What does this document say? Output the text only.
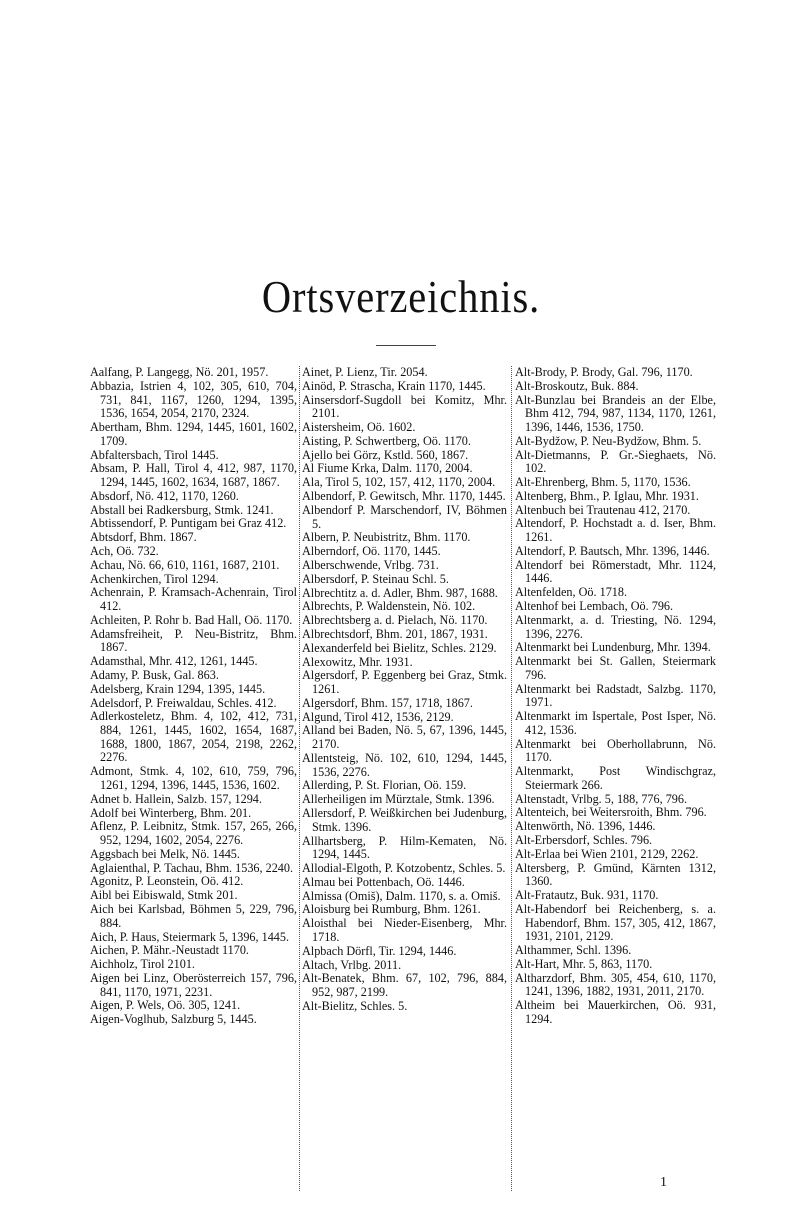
Ortsverzeichnis.

Aalfang, P. Langegg, Nö. 201, 1957.

Abbazia, Istrien 4, 102, 305, 610, 704, 731, 841, 1167, 1260, 1294, 1395, 1536, 1654, 2054, 2170, 2324.

Abertham, Bhm. 1294, 1445, 1601, 1602, 1709.

Abfaltersbach, Tirol 1445.

Absam, P. Hall, Tirol 4, 412, 987, 1170, 1294, 1445, 1602, 1634, 1687, 1867.

Absdorf, Nö. 412, 1170, 1260.

Abstall bei Radkersburg, Stmk. 1241.

Abtissendorf, P. Puntigam bei Graz 412.

Abtsdorf, Bhm. 1867.

Ach, Oö. 732.

Achau, Nö. 66, 610, 1161, 1687, 2101.

Achenkirchen, Tirol 1294.

Achenrain, P. Kramsach-Achenrain, Tirol 412.

Achleiten, P. Rohr b. Bad Hall, Oö. 1170.

Adamsfreiheit, P. Neu-Bistritz, Bhm. 1867.

Adamsthal, Mhr. 412, 1261, 1445.

Adamy, P. Busk, Gal. 863.

Adelsberg, Krain 1294, 1395, 1445.

Adelsdorf, P. Freiwaldau, Schles. 412.

Adlerkosteletz, Bhm. 4, 102, 412, 731, 884, 1261, 1445, 1602, 1654, 1687, 1688, 1800, 1867, 2054, 2198, 2262, 2276.

Admont, Stmk. 4, 102, 610, 759, 796, 1261, 1294, 1396, 1445, 1536, 1602.

Adnet b. Hallein, Salzb. 157, 1294.

Adolf bei Winterberg, Bhm. 201.

Aflenz, P. Leibnitz, Stmk. 157, 265, 266, 952, 1294, 1602, 2054, 2276.

Aggsbach bei Melk, Nö. 1445.

Aglaienthal, P. Tachau, Bhm. 1536, 2240.

Agonitz, P. Leonstein, Oö. 412.

Aibl bei Eibiswald, Stmk 201.

Aich bei Karlsbad, Böhmen 5, 229, 796, 884.

Aich, P. Haus, Steiermark 5, 1396, 1445.

Aichen, P. Mähr.-Neustadt 1170.

Aichholz, Tirol 2101.

Aigen bei Linz, Oberösterreich 157, 796, 841, 1170, 1971, 2231.

Aigen, P. Wels, Oö. 305, 1241.

Aigen-Voglhub, Salzburg 5, 1445.

Ainet, P. Lienz, Tir. 2054.

Ainöd, P. Strascha, Krain 1170, 1445.

Ainsersdorf-Sugdoll bei Komitz, Mhr. 2101.

Aistersheim, Oö. 1602.

Aisting, P. Schwertberg, Oö. 1170.

Ajello bei Görz, Kstld. 560, 1867.

Al Fiume Krka, Dalm. 1170, 2004.

Ala, Tirol 5, 102, 157, 412, 1170, 2004.

Albendorf, P. Gewitsch, Mhr. 1170, 1445.

Albendorf P. Marschendorf, IV, Böhmen 5.

Albern, P. Neubistritz, Bhm. 1170.

Alberndorf, Oö. 1170, 1445.

Alberschwende, Vrlbg. 731.

Albersdorf, P. Steinau Schl. 5.

Albrechtitz a. d. Adler, Bhm. 987, 1688.

Albrechts, P. Waldenstein, Nö. 102.

Albrechtsberg a. d. Pielach, Nö. 1170.

Albrechtsdorf, Bhm. 201, 1867, 1931.

Alexanderfeld bei Bielitz, Schles. 2129.

Alexowitz, Mhr. 1931.

Algersdorf, P. Eggenberg bei Graz, Stmk. 1261.

Algersdorf, Bhm. 157, 1718, 1867.

Algund, Tirol 412, 1536, 2129.

Alland bei Baden, Nö. 5, 67, 1396, 1445, 2170.

Allentsteig, Nö. 102, 610, 1294, 1445, 1536, 2276.

Allerding, P. St. Florian, Oö. 159.

Allerheiligen im Mürztale, Stmk. 1396.

Allersdorf, P. Weißkirchen bei Judenburg, Stmk. 1396.

Allhartsberg, P. Hilm-Kematen, Nö. 1294, 1445.

Allodial-Elgoth, P. Kotzobentz, Schles. 5.

Almau bei Pottenbach, Oö. 1446.

Almissa (Omiš), Dalm. 1170, s. a. Omiš.

Aloisburg bei Rumburg, Bhm. 1261.

Aloisthal bei Nieder-Eisenberg, Mhr. 1718.

Alpbach Dörfl, Tir. 1294, 1446.

Altach, Vrlbg. 2011.

Alt-Benatek, Bhm. 67, 102, 796, 884, 952, 987, 2199.

Alt-Bielitz, Schles. 5.

Alt-Brody, P. Brody, Gal. 796, 1170.

Alt-Broskoutz, Buk. 884.

Alt-Bunzlau bei Brandeis an der Elbe, Bhm 412, 794, 987, 1134, 1170, 1261, 1396, 1446, 1536, 1750.

Alt-Bydžow, P. Neu-Bydžow, Bhm. 5.

Alt-Dietmanns, P. Gr.-Sieghaets, Nö. 102.

Alt-Ehrenberg, Bhm. 5, 1170, 1536.

Altenberg, Bhm., P. Iglau, Mhr. 1931.

Altenbuch bei Trautenau 412, 2170.

Altendorf, P. Hochstadt a. d. Iser, Bhm. 1261.

Altendorf, P. Bautsch, Mhr. 1396, 1446.

Altendorf bei Römerstadt, Mhr. 1124, 1446.

Altenfelden, Oö. 1718.

Altenhof bei Lembach, Oö. 796.

Altenmarkt, a. d. Triesting, Nö. 1294, 1396, 2276.

Altenmarkt bei Lundenburg, Mhr. 1394.

Altenmarkt bei St. Gallen, Steiermark 796.

Altenmarkt bei Radstadt, Salzbg. 1170, 1971.

Altenmarkt im Ispertale, Post Isper, Nö. 412, 1536.

Altenmarkt bei Oberhollabrunn, Nö. 1170.

Altenmarkt, Post Windischgraz, Steiermark 266.

Altenstadt, Vrlbg. 5, 188, 776, 796.

Altenteich, bei Weitersroith, Bhm. 796.

Altenwörth, Nö. 1396, 1446.

Alt-Erbersdorf, Schles. 796.

Alt-Erlaa bei Wien 2101, 2129, 2262.

Altersberg, P. Gmünd, Kärnten 1312, 1360.

Alt-Fratautz, Buk. 931, 1170.

Alt-Habendorf bei Reichenberg, s. a. Habendorf, Bhm. 157, 305, 412, 1867, 1931, 2101, 2129.

Althammer, Schl. 1396.

Alt-Hart, Mhr. 5, 863, 1170.

Altharzdorf, Bhm. 305, 454, 610, 1170, 1241, 1396, 1882, 1931, 2011, 2170.

Altheim bei Mauerkirchen, Oö. 931, 1294.

1
